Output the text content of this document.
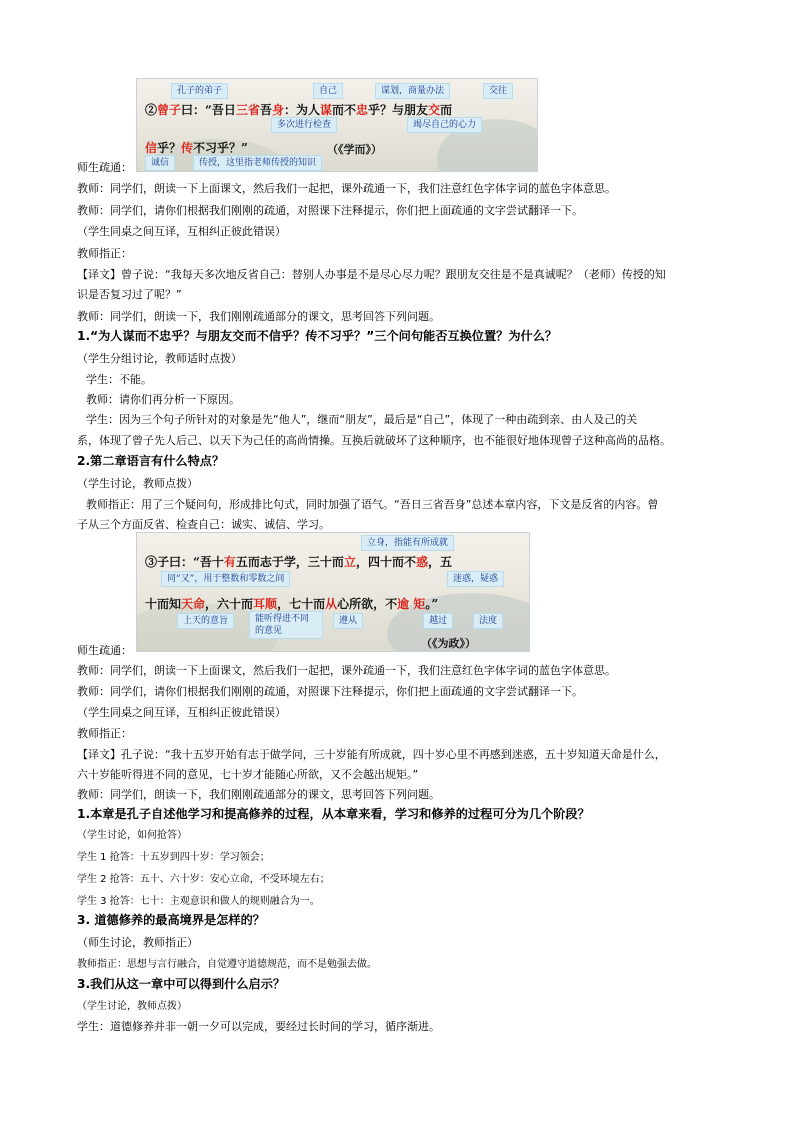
孔子的弟子	自己	谋划，商量办法	交往
②曾子曰：“吾日三省吾身：为人谋而不忠乎？与朋友交而
多次进行检查	竭尽自己的心力
信乎？传不习乎？”	（《学而》）
诚信	传授，这里指老师传授的知识
师生疏通：
教师：同学们，朗读一下上面课文，然后我们一起把，课外疏通一下，我们注意红色字体字词的蓝色字体意思。
教师：同学们，请你们根据我们刚刚的疏通，对照课下注释提示，你们把上面疏通的文字尝试翻译一下。
（学生同桌之间互译，互相纠正彼此错误）
教师指正：
【译文】曾子说：“我每天多次地反省自己：替别人办事是不是尽心尽力呢？跟朋友交往是不是真诚呢？（老师）传授的知
识是否复习过了呢？”
教师：同学们，朗读一下，我们刚刚疏通部分的课文，思考回答下列问题。
1.“为人谋而不忠乎？与朋友交而不信乎？传不习乎？”三个问句能否互换位置？为什么？
（学生分组讨论，教师适时点拨）
学生：不能。
教师：请你们再分析一下原因。
学生：因为三个句子所针对的对象是先“他人”，继而“朋友”，最后是“自己”，体现了一种由疏到亲、由人及己的关
系，体现了曾子先人后己、以天下为己任的高尚情操。互换后就破坏了这种顺序，也不能很好地体现曾子这种高尚的品格。
2.第二章语言有什么特点？
（学生讨论，教师点拨）
教师指正：用了三个疑问句，形成排比句式，同时加强了语气。“吾日三省吾身”总述本章内容，下文是反省的内容。曾
子从三个方面反省、检查自己：诚实、诚信、学习。
立身，指能有所成就
③子曰：“吾十有五而志于学，三十而立，四十而不惑，五
同“又”，用于整数和零数之间	迷惑，疑惑
十而知天命，六十而耳顺，七十而从心所欲，不逾 矩。”
上天的意旨	能听得进不同的意见
遵从	越过	法度
（《为政》）
师生疏通：
教师：同学们，朗读一下上面课文，然后我们一起把，课外疏通一下，我们注意红色字体字词的蓝色字体意思。
教师：同学们，请你们根据我们刚刚的疏通，对照课下注释提示，你们把上面疏通的文字尝试翻译一下。
（学生同桌之间互译，互相纠正彼此错误）
教师指正：
【译文】孔子说：“我十五岁开始有志于做学问，三十岁能有所成就，四十岁心里不再感到迷惑，五十岁知道天命是什么，
六十岁能听得进不同的意见，七十岁才能随心所欲，又不会越出规矩。”
教师：同学们，朗读一下，我们刚刚疏通部分的课文，思考回答下列问题。
1.本章是孔子自述他学习和提高修养的过程，从本章来看，学习和修养的过程可分为几个阶段？
（学生讨论，如何抢答）
学生 1 抢答：十五岁到四十岁：学习领会；
学生 2 抢答：五十、六十岁：安心立命，不受环境左右；
学生 3 抢答：七十：主观意识和做人的规则融合为一。
3. 道德修养的最高境界是怎样的？
（师生讨论，教师指正）
教师指正：思想与言行融合，自觉遵守道德规范，而不是勉强去做。
3.我们从这一章中可以得到什么启示？
（学生讨论，教师点拨）
学生：道德修养并非一朝一夕可以完成，要经过长时间的学习，循序渐进。
